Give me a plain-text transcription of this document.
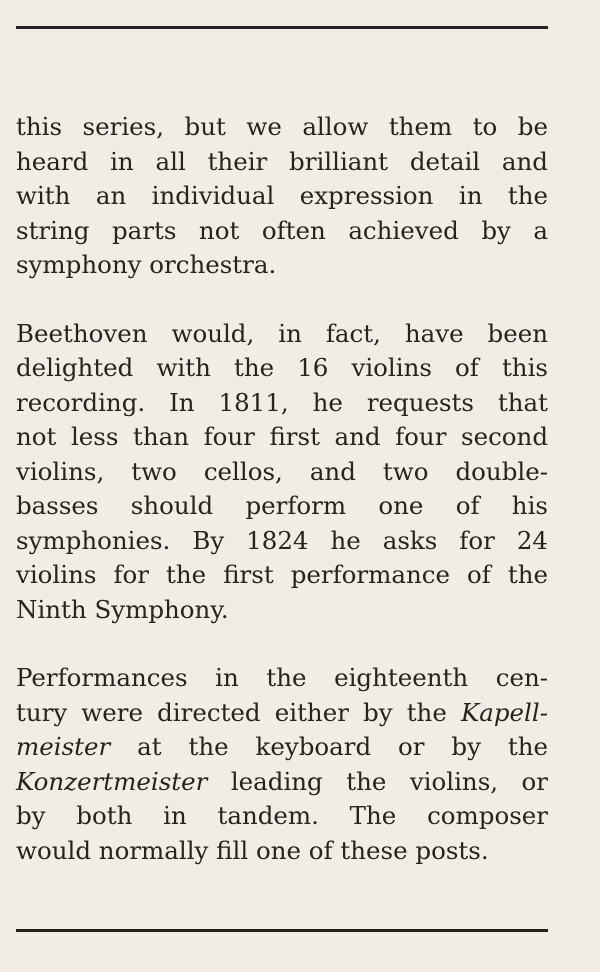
this series, but we allow them to be
heard in all their brilliant detail and
with an individual expression in the
string parts not often achieved by a
symphony orchestra.

Beethoven would, in fact, have been
delighted with the 16 violins of this
recording. In 1811, he requests that
not less than four first and four second
violins, two cellos, and two double-
basses should perform one of his
symphonies. By 1824 he asks for 24
violins for the first performance of the
Ninth Symphony.

Performances in the eighteenth cen-
tury were directed either by the Kapell-
meister at the keyboard or by the
Konzertmeister leading the violins, or
by both in tandem. The composer
would normally fill one of these posts.
